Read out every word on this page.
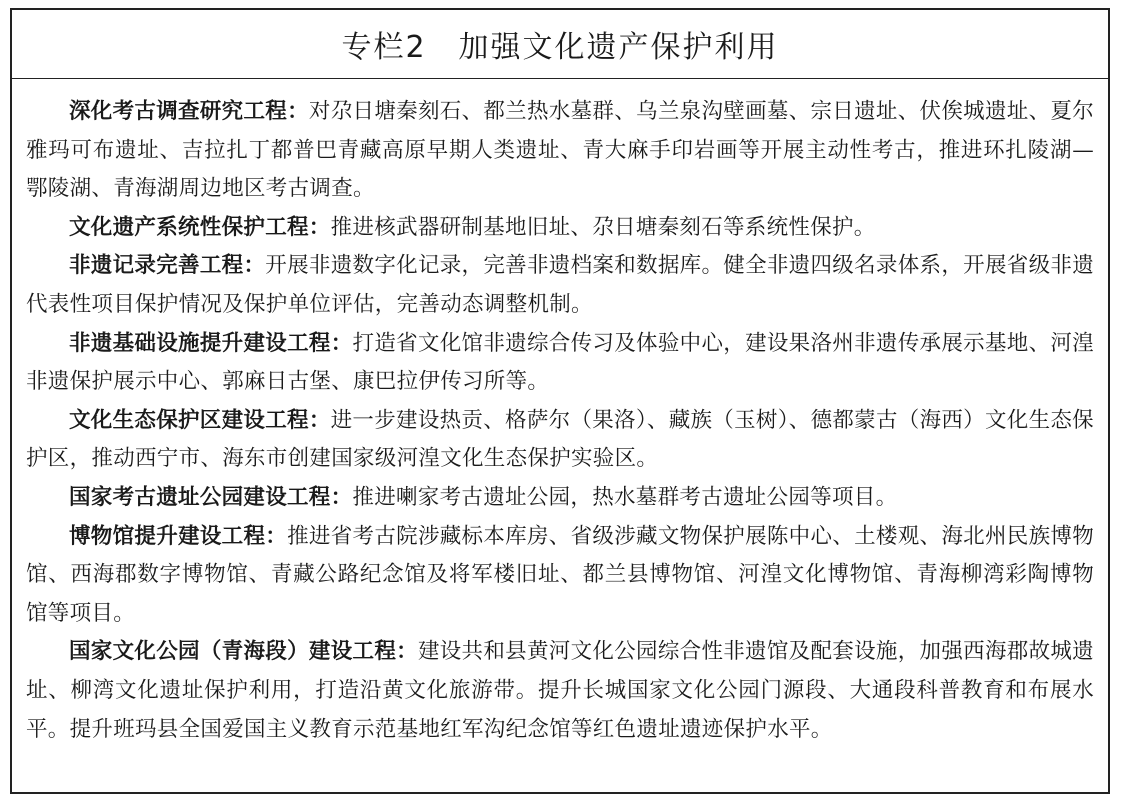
专栏2　加强文化遗产保护利用

深化考古调查研究工程：对尕日塘秦刻石、都兰热水墓群、乌兰泉沟壁画墓、宗日遗址、伏俟城遗址、夏尔雅玛可布遗址、吉拉扎丁都普巴青藏高原早期人类遗址、青大麻手印岩画等开展主动性考古，推进环扎陵湖—鄂陵湖、青海湖周边地区考古调查。

文化遗产系统性保护工程：推进核武器研制基地旧址、尕日塘秦刻石等系统性保护。

非遗记录完善工程：开展非遗数字化记录，完善非遗档案和数据库。健全非遗四级名录体系，开展省级非遗代表性项目保护情况及保护单位评估，完善动态调整机制。

非遗基础设施提升建设工程：打造省文化馆非遗综合传习及体验中心，建设果洛州非遗传承展示基地、河湟非遗保护展示中心、郭麻日古堡、康巴拉伊传习所等。

文化生态保护区建设工程：进一步建设热贡、格萨尔（果洛）、藏族（玉树）、德都蒙古（海西）文化生态保护区，推动西宁市、海东市创建国家级河湟文化生态保护实验区。

国家考古遗址公园建设工程：推进喇家考古遗址公园，热水墓群考古遗址公园等项目。

博物馆提升建设工程：推进省考古院涉藏标本库房、省级涉藏文物保护展陈中心、土楼观、海北州民族博物馆、西海郡数字博物馆、青藏公路纪念馆及将军楼旧址、都兰县博物馆、河湟文化博物馆、青海柳湾彩陶博物馆等项目。

国家文化公园（青海段）建设工程：建设共和县黄河文化公园综合性非遗馆及配套设施，加强西海郡故城遗址、柳湾文化遗址保护利用，打造沿黄文化旅游带。提升长城国家文化公园门源段、大通段科普教育和布展水平。提升班玛县全国爱国主义教育示范基地红军沟纪念馆等红色遗址遗迹保护水平。
